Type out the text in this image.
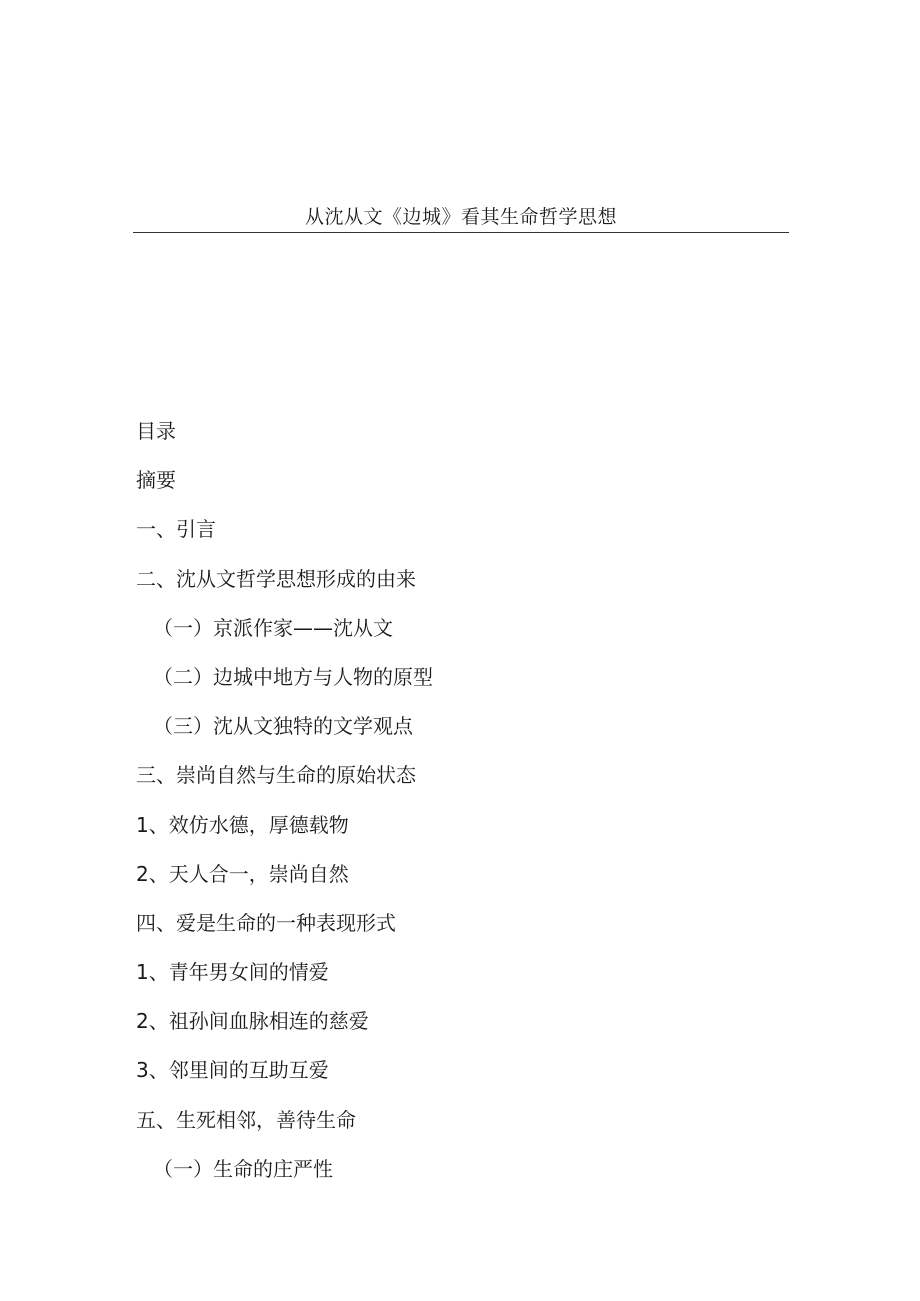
从沈从文《边城》看其生命哲学思想
目录
摘要
一、引言
二、沈从文哲学思想形成的由来
（一）京派作家——沈从文
（二）边城中地方与人物的原型
（三）沈从文独特的文学观点
三、崇尚自然与生命的原始状态
1、效仿水德，厚德载物
2、天人合一，崇尚自然
四、爱是生命的一种表现形式
1、青年男女间的情爱
2、祖孙间血脉相连的慈爱
3、邻里间的互助互爱
五、生死相邻，善待生命
（一）生命的庄严性
